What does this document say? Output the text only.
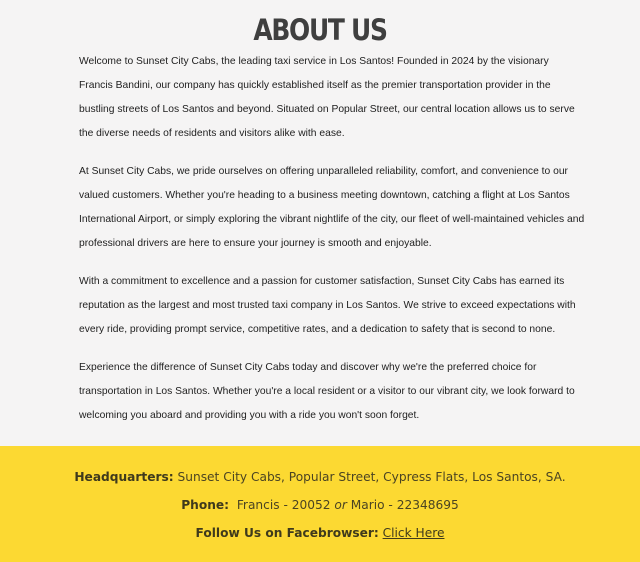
ABOUT US

Welcome to Sunset City Cabs, the leading taxi service in Los Santos! Founded in 2024 by the visionary Francis Bandini, our company has quickly established itself as the premier transportation provider in the bustling streets of Los Santos and beyond. Situated on Popular Street, our central location allows us to serve the diverse needs of residents and visitors alike with ease.

At Sunset City Cabs, we pride ourselves on offering unparalleled reliability, comfort, and convenience to our valued customers. Whether you're heading to a business meeting downtown, catching a flight at Los Santos International Airport, or simply exploring the vibrant nightlife of the city, our fleet of well-maintained vehicles and professional drivers are here to ensure your journey is smooth and enjoyable.

With a commitment to excellence and a passion for customer satisfaction, Sunset City Cabs has earned its reputation as the largest and most trusted taxi company in Los Santos. We strive to exceed expectations with every ride, providing prompt service, competitive rates, and a dedication to safety that is second to none.

Experience the difference of Sunset City Cabs today and discover why we're the preferred choice for transportation in Los Santos. Whether you're a local resident or a visitor to our vibrant city, we look forward to welcoming you aboard and providing you with a ride you won't soon forget.

Headquarters: Sunset City Cabs, Popular Street, Cypress Flats, Los Santos, SA.
Phone: Francis - 20052 or Mario - 22348695
Follow Us on Facebrowser: Click Here
